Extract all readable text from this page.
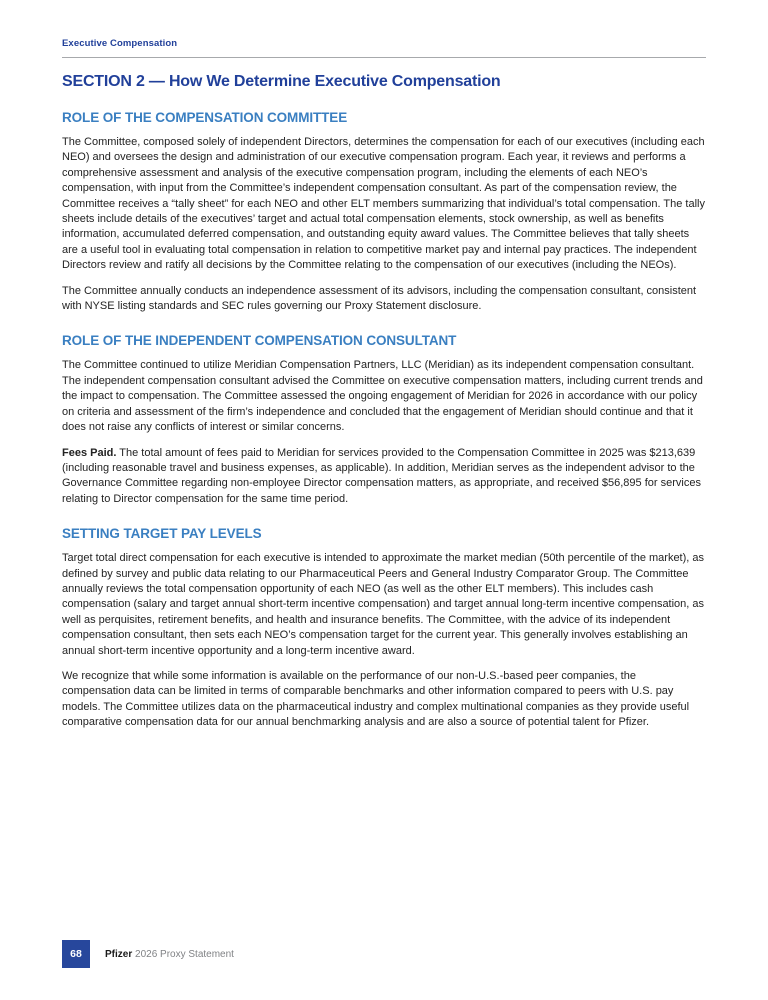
Executive Compensation
SECTION 2 — How We Determine Executive Compensation
ROLE OF THE COMPENSATION COMMITTEE

The Committee, composed solely of independent Directors, determines the compensation for each of our executives (including each NEO) and oversees the design and administration of our executive compensation program. Each year, it reviews and performs a comprehensive assessment and analysis of the executive compensation program, including the elements of each NEO’s compensation, with input from the Committee’s independent compensation consultant. As part of the compensation review, the Committee receives a “tally sheet” for each NEO and other ELT members summarizing that individual’s total compensation. The tally sheets include details of the executives’ target and actual total compensation elements, stock ownership, as well as benefits information, accumulated deferred compensation, and outstanding equity award values. The Committee believes that tally sheets are a useful tool in evaluating total compensation in relation to competitive market pay and internal pay practices. The independent Directors review and ratify all decisions by the Committee relating to the compensation of our executives (including the NEOs).

The Committee annually conducts an independence assessment of its advisors, including the compensation consultant, consistent with NYSE listing standards and SEC rules governing our Proxy Statement disclosure.

ROLE OF THE INDEPENDENT COMPENSATION CONSULTANT

The Committee continued to utilize Meridian Compensation Partners, LLC (Meridian) as its independent compensation consultant. The independent compensation consultant advised the Committee on executive compensation matters, including current trends and the impact to compensation. The Committee assessed the ongoing engagement of Meridian for 2026 in accordance with our policy on criteria and assessment of the firm’s independence and concluded that the engagement of Meridian should continue and that it does not raise any conflicts of interest or similar concerns.

Fees Paid. The total amount of fees paid to Meridian for services provided to the Compensation Committee in 2025 was $213,639 (including reasonable travel and business expenses, as applicable). In addition, Meridian serves as the independent advisor to the Governance Committee regarding non-employee Director compensation matters, as appropriate, and received $56,895 for services relating to Director compensation for the same time period.

SETTING TARGET PAY LEVELS

Target total direct compensation for each executive is intended to approximate the market median (50th percentile of the market), as defined by survey and public data relating to our Pharmaceutical Peers and General Industry Comparator Group. The Committee annually reviews the total compensation opportunity of each NEO (as well as the other ELT members). This includes cash compensation (salary and target annual short-term incentive compensation) and target annual long-term incentive compensation, as well as perquisites, retirement benefits, and health and insurance benefits. The Committee, with the advice of its independent compensation consultant, then sets each NEO’s compensation target for the current year. This generally involves establishing an annual short-term incentive opportunity and a long-term incentive award.

We recognize that while some information is available on the performance of our non-U.S.-based peer companies, the compensation data can be limited in terms of comparable benchmarks and other information compared to peers with U.S. pay models. The Committee utilizes data on the pharmaceutical industry and complex multinational companies as they provide useful comparative compensation data for our annual benchmarking analysis and are also a source of potential talent for Pfizer.

68	Pfizer 2026 Proxy Statement
